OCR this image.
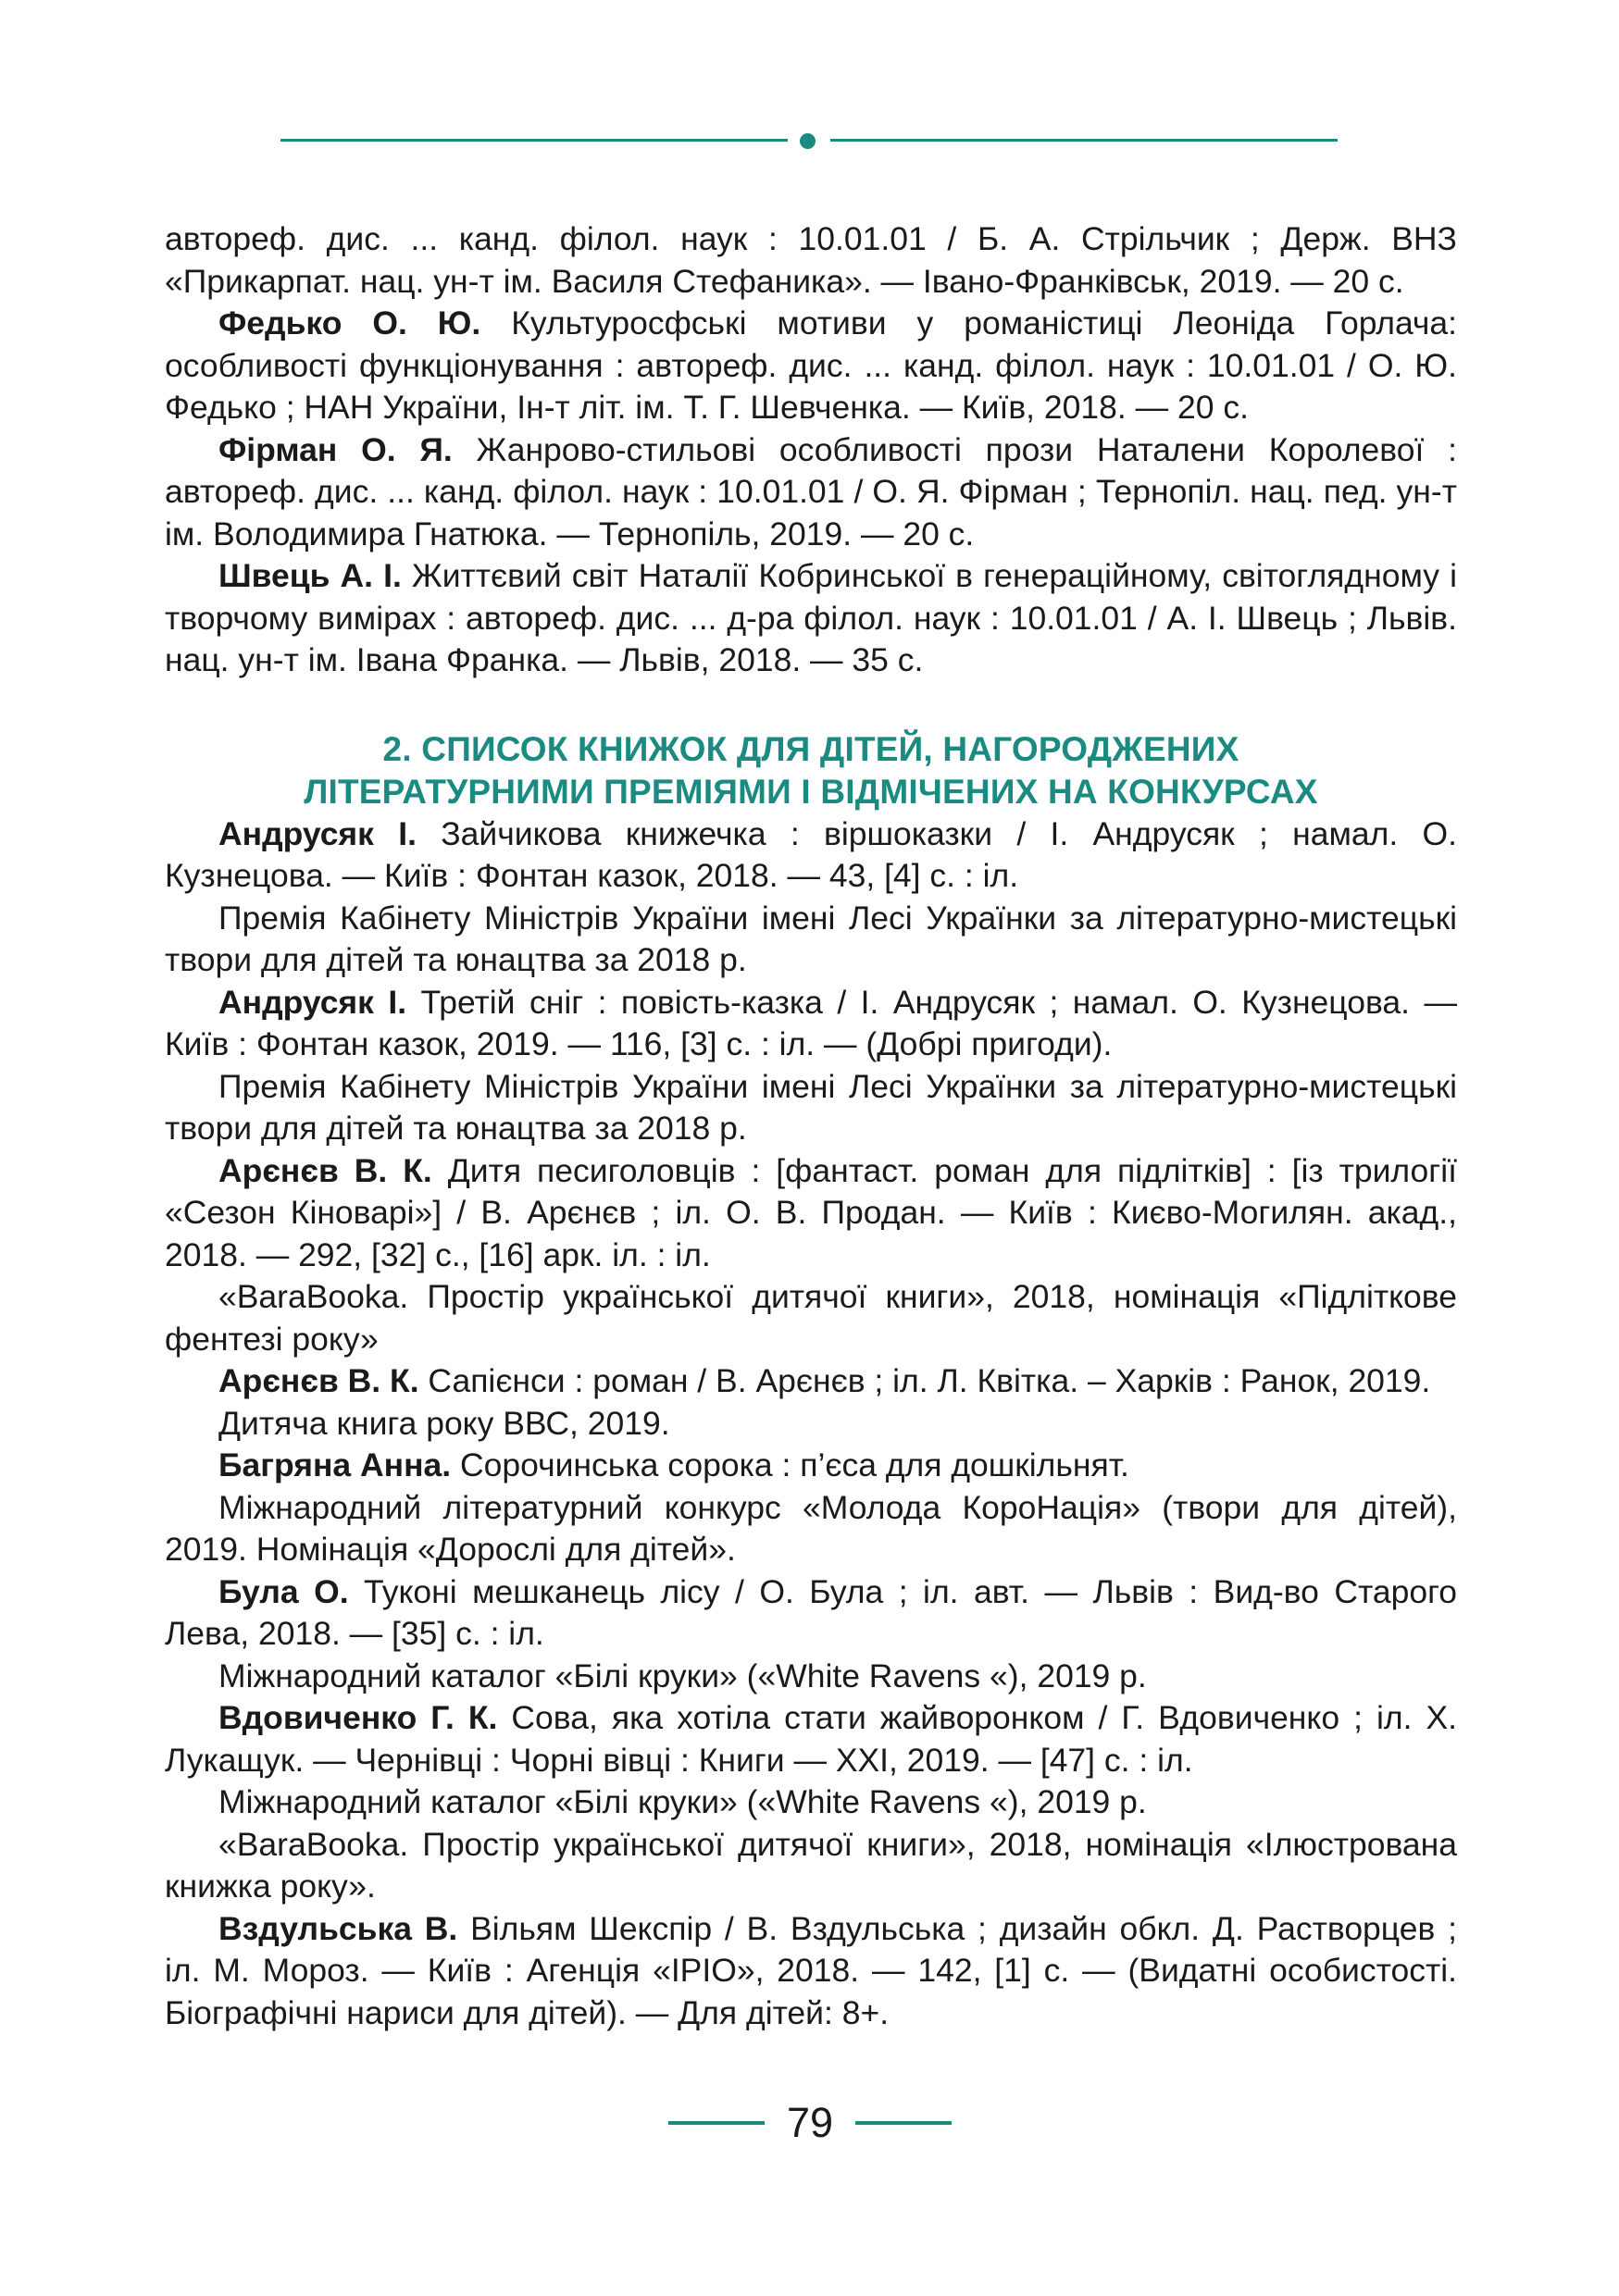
автореф. дис. ... канд. філол. наук : 10.01.01 / Б. А. Стрільчик ; Держ. ВНЗ «Прикарпат. нац. ун-т ім. Василя Стефаника». — Івано-Франківськ, 2019. — 20 с.

Федько О. Ю. Культуросфські мотиви у романістиці Леоніда Горлача: особливості функціонування : автореф. дис. ... канд. філол. наук : 10.01.01 / О. Ю. Федько ; НАН України, Ін-т літ. ім. Т. Г. Шевченка. — Київ, 2018. — 20 с.

Фірман О. Я. Жанрово-стильові особливості прози Наталени Королевої : автореф. дис. ... канд. філол. наук : 10.01.01 / О. Я. Фірман ; Тернопіл. нац. пед. ун-т ім. Володимира Гнатюка. — Тернопіль, 2019. — 20 с.

Швець А. І. Життєвий світ Наталії Кобринської в генераційному, світоглядному і творчому вимірах : автореф. дис. ... д-ра філол. наук : 10.01.01 / А. І. Швець ; Львів. нац. ун-т ім. Івана Франка. — Львів, 2018. — 35 с.

2. СПИСОК КНИЖОК ДЛЯ ДІТЕЙ, НАГОРОДЖЕНИХ
ЛІТЕРАТУРНИМИ ПРЕМІЯМИ І ВІДМІЧЕНИХ НА КОНКУРСАХ

Андрусяк І. Зайчикова книжечка : віршоказки / І. Андрусяк ; намал. О. Кузнецова. — Київ : Фонтан казок, 2018. — 43, [4] с. : іл.

Премія Кабінету Міністрів України імені Лесі Українки за літературно-мистецькі твори для дітей та юнацтва за 2018 р.

Андрусяк І. Третій сніг : повість-казка / І. Андрусяк ; намал. О. Кузнецова. — Київ : Фонтан казок, 2019. — 116, [3] с. : іл. — (Добрі пригоди).

Премія Кабінету Міністрів України імені Лесі Українки за літературно-мистецькі твори для дітей та юнацтва за 2018 р.

Арєнєв В. К. Дитя песиголовців : [фантаст. роман для підлітків] : [із трилогії «Сезон Кіноварі»] / В. Арєнєв ; іл. О. В. Продан. — Київ : Києво-Могилян. акад., 2018. — 292, [32] с., [16] арк. іл. : іл.

«BaraBooka. Простір української дитячої книги», 2018, номінація «Підліткове фентезі року»

Арєнєв В. К. Сапієнси : роман / В. Арєнєв ; іл. Л. Квітка. – Харків : Ранок, 2019.

Дитяча книга року ВВС, 2019.

Багряна Анна. Сорочинська сорока : п’єса для дошкільнят.

Міжнародний літературний конкурс «Молода КороНація» (твори для дітей), 2019. Номінація «Дорослі для дітей».

Була О. Туконі мешканець лісу / О. Була ; іл. авт. — Львів : Вид-во Старого Лева, 2018. — [35] с. : іл.

Міжнародний каталог «Білі круки» («White Ravens «), 2019 р.

Вдовиченко Г. К. Сова, яка хотіла стати жайворонком / Г. Вдовиченко ; іл. Х. Лукащук. — Чернівці : Чорні вівці : Книги — XXI, 2019. — [47] с. : іл.

Міжнародний каталог «Білі круки» («White Ravens «), 2019 р.

«BaraBooka. Простір української дитячої книги», 2018, номінація «Ілюстрована книжка року».

Вздульська В. Вільям Шекспір / В. Вздульська ; дизайн обкл. Д. Растворцев ; іл. М. Мороз. — Київ : Агенція «ІРІО», 2018. — 142, [1] с. — (Видатні особистості. Біографічні нариси для дітей). — Для дітей: 8+.

79
